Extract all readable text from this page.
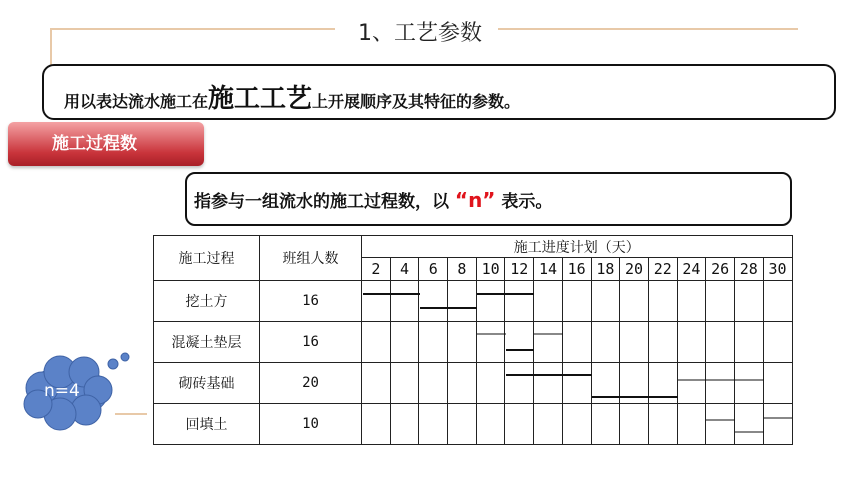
1、工艺参数
用以表达流水施工在施工工艺上开展顺序及其特征的参数。
施工过程数
指参与一组流水的施工过程数，以 “n” 表示。
施工过程	班组人数	施工进度计划（天）														
		2	4	6	8	10	12	14	16	18	20	22	24	26	28	30
挖土方	16															
混凝土垫层	16															
砌砖基础	20															
回填土	10															
n=4
